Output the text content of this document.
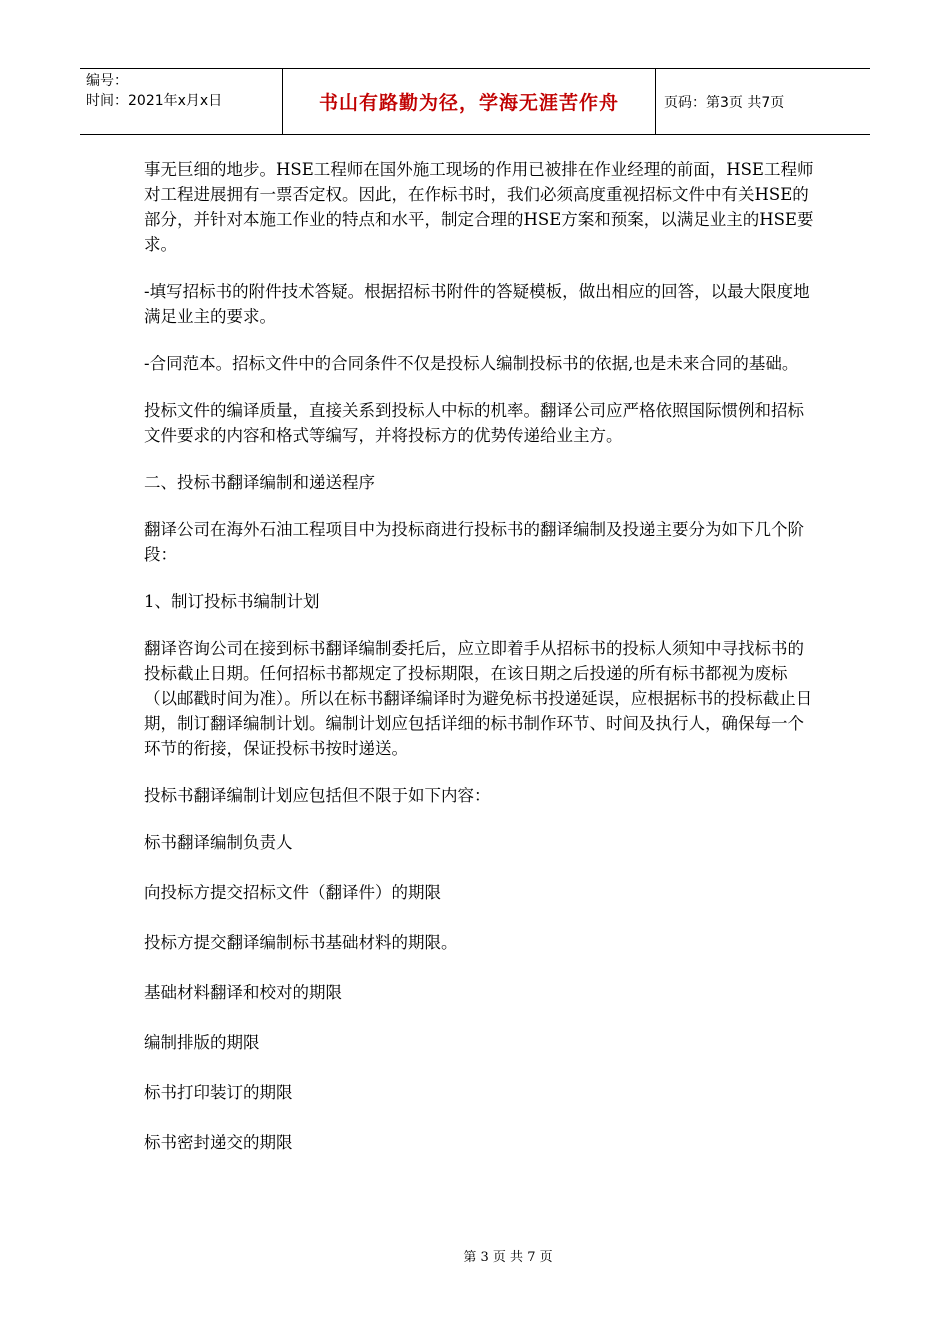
编号：
时间：2021年x月x日	书山有路勤为径，学海无涯苦作舟	页码：第3页 共7页

事无巨细的地步。HSE工程师在国外施工现场的作用已被排在作业经理的前面，HSE工程师对工程进展拥有一票否定权。因此，在作标书时，我们必须高度重视招标文件中有关HSE的部分，并针对本施工作业的特点和水平，制定合理的HSE方案和预案，以满足业主的HSE要求。

-填写招标书的附件技术答疑。根据招标书附件的答疑模板，做出相应的回答，以最大限度地满足业主的要求。

-合同范本。招标文件中的合同条件不仅是投标人编制投标书的依据,也是未来合同的基础。

投标文件的编译质量，直接关系到投标人中标的机率。翻译公司应严格依照国际惯例和招标文件要求的内容和格式等编写，并将投标方的优势传递给业主方。

二、投标书翻译编制和递送程序

翻译公司在海外石油工程项目中为投标商进行投标书的翻译编制及投递主要分为如下几个阶段：

1、制订投标书编制计划

翻译咨询公司在接到标书翻译编制委托后，应立即着手从招标书的投标人须知中寻找标书的投标截止日期。任何招标书都规定了投标期限，在该日期之后投递的所有标书都视为废标（以邮戳时间为准）。所以在标书翻译编译时为避免标书投递延误，应根据标书的投标截止日期，制订翻译编制计划。编制计划应包括详细的标书制作环节、时间及执行人，确保每一个环节的衔接，保证投标书按时递送。

投标书翻译编制计划应包括但不限于如下内容：

标书翻译编制负责人

向投标方提交招标文件（翻译件）的期限

投标方提交翻译编制标书基础材料的期限。

基础材料翻译和校对的期限

编制排版的期限

标书打印装订的期限

标书密封递交的期限

第 3 页 共 7 页
